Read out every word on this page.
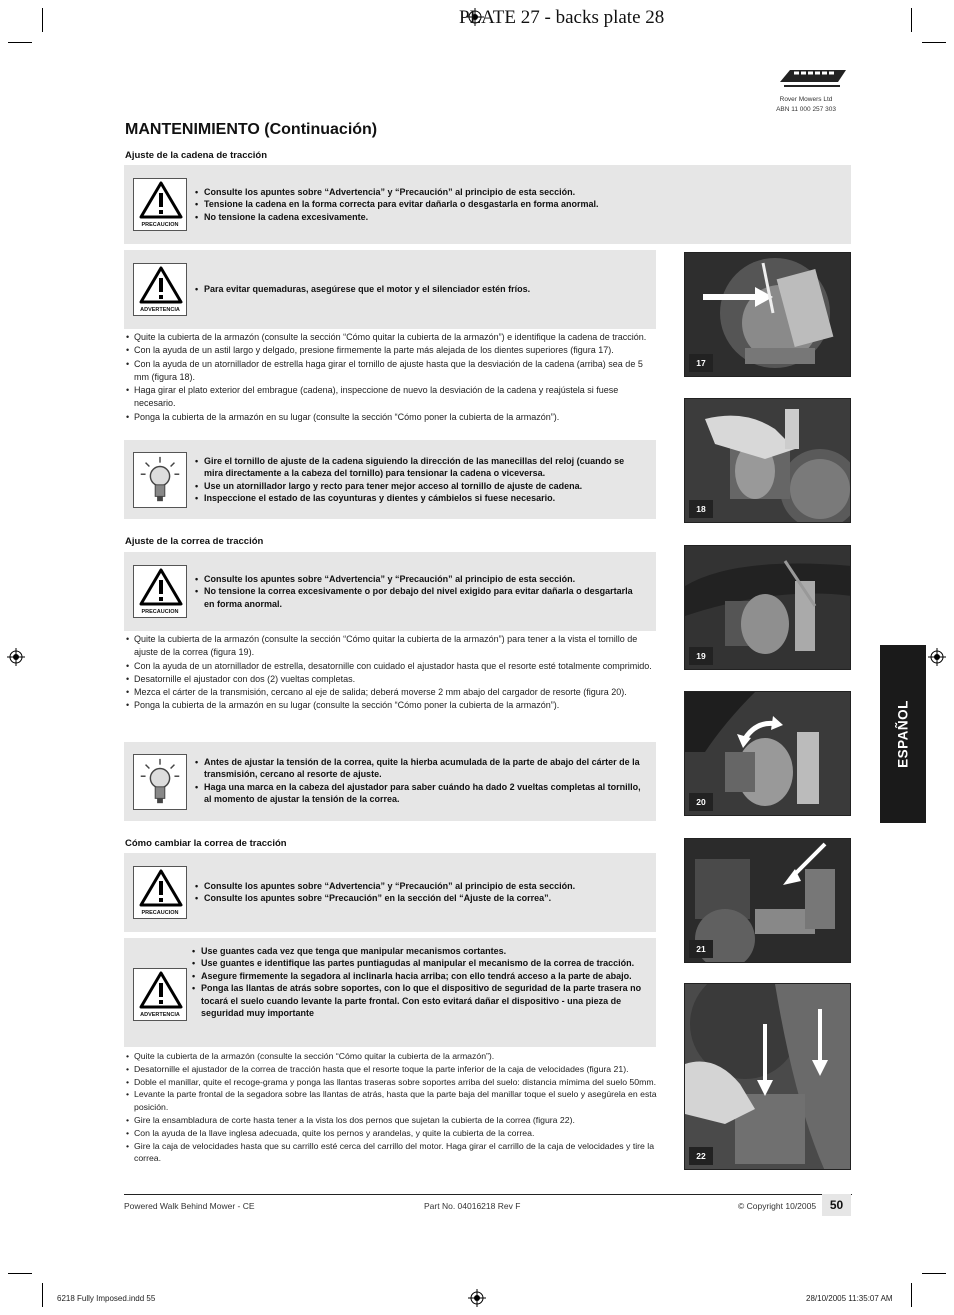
PLATE 27 - backs plate 28
Rover Mowers Ltd
ABN 11 000 257 303
MANTENIMIENTO (Continuación)
Ajuste de la cadena de tracción
PRECAUCION
• Consulte los apuntes sobre “Advertencia” y “Precaución” al principio de esta sección.
• Tensione la cadena en la forma correcta para evitar dañarla o desgastarla en forma anormal.
• No tensione la cadena excesivamente.
ADVERTENCIA
• Para evitar quemaduras, asegúrese que el motor y el silenciador estén fríos.
• Quite la cubierta de la armazón (consulte la sección “Cómo quitar la cubierta de la armazón”) e identifique la cadena de tracción.
• Con la ayuda de un astil largo y delgado, presione firmemente la parte más alejada de los dientes superiores (figura 17).
• Con la ayuda de un atornillador de estrella haga girar el tornillo de ajuste hasta que la desviación de la cadena (arriba) sea de 5 mm (figura 18).
• Haga girar el plato exterior del embrague (cadena), inspeccione de nuevo la desviación de la cadena y reajústela si fuese necesario.
• Ponga la cubierta de la armazón en su lugar (consulte la sección “Cómo poner la cubierta de la armazón”).
• Gire el tornillo de ajuste de la cadena siguiendo la dirección de las manecillas del reloj (cuando se mira directamente a la cabeza del tornillo) para tensionar la cadena o viceversa.
• Use un atornillador largo y recto para tener mejor acceso al tornillo de ajuste de cadena.
• Inspeccione el estado de las coyunturas y dientes y cámbielos si fuese necesario.
Ajuste de la correa de tracción
PRECAUCION
• Consulte los apuntes sobre “Advertencia” y “Precaución” al principio de esta sección.
• No tensione la correa excesivamente o por debajo del nivel exigido para evitar dañarla o desgartarla en forma anormal.
• Quite la cubierta de la armazón (consulte la sección “Cómo quitar la cubierta de la armazón”) para tener a la vista el tornillo de ajuste de la correa (figura 19).
• Con la ayuda de un atornillador de estrella, desatornille con cuidado el ajustador hasta que el resorte esté totalmente comprimido.
• Desatornille el ajustador con dos (2) vueltas completas.
• Mezca el cárter de la transmisión, cercano al eje de salida; deberá moverse 2 mm abajo del cargador de resorte (figura 20).
• Ponga la cubierta de la armazón en su lugar (consulte la sección “Cómo poner la cubierta de la armazón”).
• Antes de ajustar la tensión de la correa, quite la hierba acumulada de la parte de abajo del cárter de la transmisión, cercano al resorte de ajuste.
• Haga una marca en la cabeza del ajustador para saber cuándo ha dado 2 vueltas completas al tornillo, al momento de ajustar la tensión de la correa.
Cómo cambiar la correa de tracción
PRECAUCION
• Consulte los apuntes sobre “Advertencia” y “Precaución” al principio de esta sección.
• Consulte los apuntes sobre “Precaución” en la sección del “Ajuste de la correa”.
ADVERTENCIA
• Use guantes cada vez que tenga que manipular mecanismos cortantes.
• Use guantes e identifique las partes puntiagudas al manipular el mecanismo de la correa de tracción.
• Asegure firmemente la segadora al inclinarla hacia arriba; con ello tendrá acceso a la parte de abajo.
• Ponga las llantas de atrás sobre soportes, con lo que el dispositivo de seguridad de la parte trasera no tocará el suelo cuando levante la parte frontal. Con esto evitará dañar el dispositivo - una pieza de seguridad muy importante
• Quite la cubierta de la armazón (consulte la sección “Cómo quitar la cubierta de la armazón”).
• Desatornille el ajustador de la correa de tracción hasta que el resorte toque la parte inferior de la caja de velocidades (figura 21).
• Doble el manillar, quite el recoge-grama y ponga las llantas traseras sobre soportes arriba del suelo: distancia mímima del suelo 50mm.
• Levante la parte frontal de la segadora sobre las llantas de atrás, hasta que la parte baja del manillar toque el suelo y asegúrela en esta posición.
• Gire la ensambladura de corte hasta tener a la vista los dos pernos que sujetan la cubierta de la correa (figura 22).
• Con la ayuda de la llave inglesa adecuada, quite los pernos y arandelas, y quite la cubierta de la correa.
• Gire la caja de velocidades hasta que su carrillo esté cerca del carrillo del motor. Haga girar el carrillo de la caja de velocidades y tire la correa.
17
18
19
20
21
22
ESPAÑOL
Powered Walk Behind Mower - CE	Part No. 04016218 Rev F	© Copyright 10/2005	50
6218 Fully Imposed.indd 55	28/10/2005 11:35:07 AM
